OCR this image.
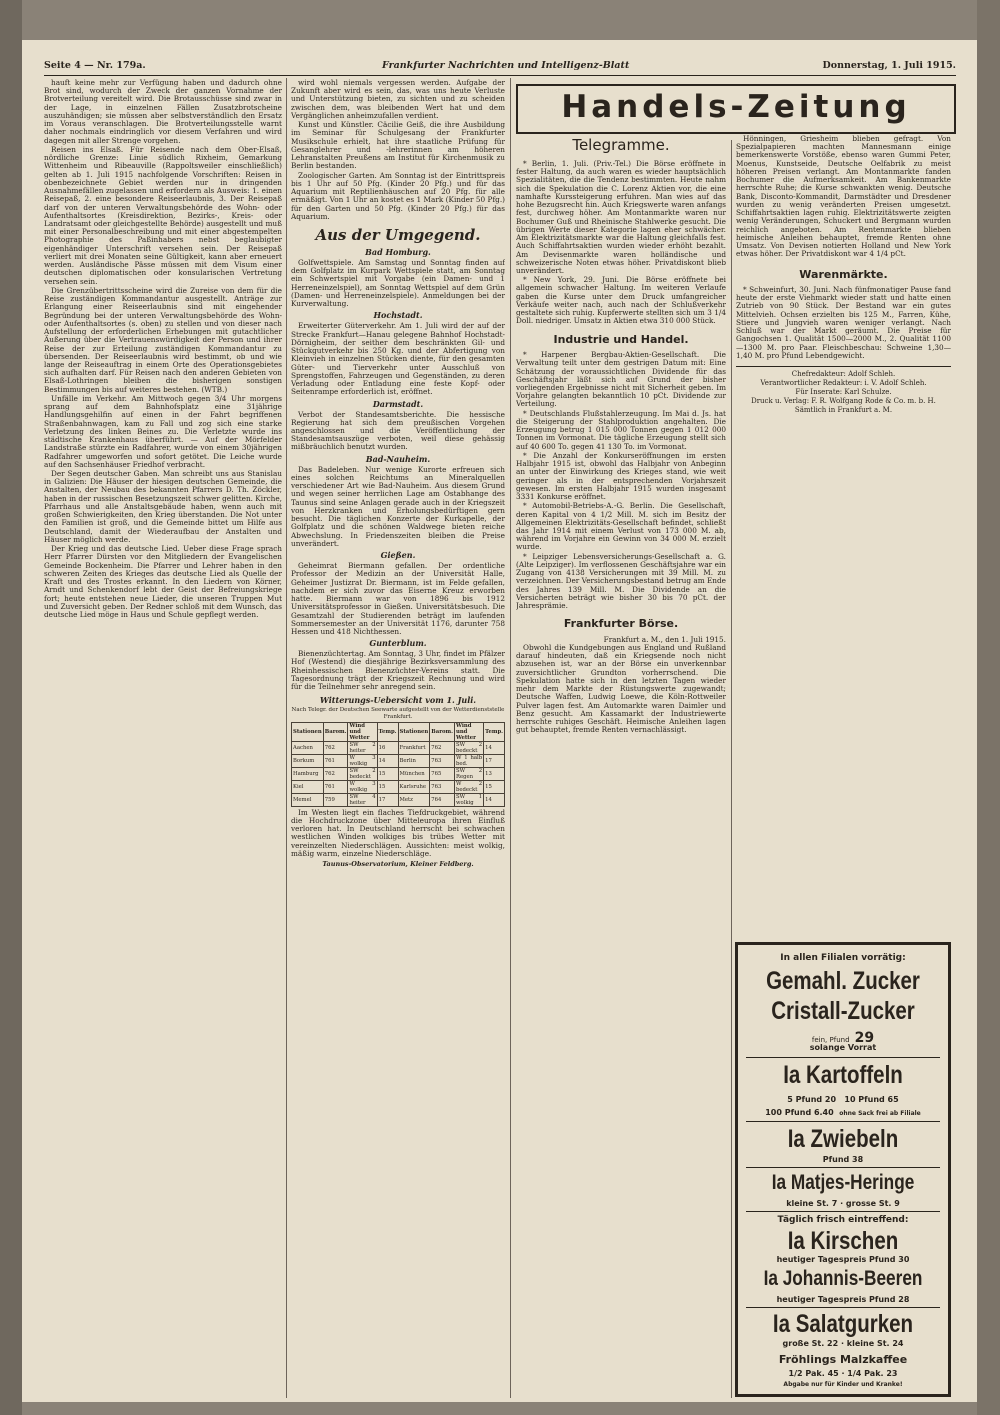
Seite 4 — Nr. 179a.	Frankfurter Nachrichten und Intelligenz-Blatt	Donnerstag, 1. Juli 1915.

hauft keine mehr zur Verfügung haben und dadurch ohne Brot sind, wodurch der Zweck der ganzen Vornahme der Brotverteilung vereitelt wird. Die Brotausschüsse sind zwar in der Lage, in einzelnen Fällen Zusatzbrotscheine auszuhändigen; sie müssen aber selbstverständlich den Ersatz im Voraus veranschlagen. Die Brotverteilungsstelle warnt daher nochmals eindringlich vor diesem Verfahren und wird dagegen mit aller Strenge vorgehen.

Reisen ins Elsaß. Für Reisende nach dem Ober-Elsaß, nördliche Grenze: Linie südlich Rixheim, Gemarkung Wittenheim und Ribeauville (Rappoltsweiler einschließlich) gelten ab 1. Juli 1915 nachfolgende Vorschriften: Reisen in obenbezeichnete Gebiet werden nur in dringenden Ausnahmefällen zugelassen und erfordern als Ausweis: 1. einen Reisepaß, 2. eine besondere Reiseerlaubnis, 3. Der Reisepaß darf von der unteren Verwaltungsbehörde des Wohn- oder Aufenthaltsortes (Kreisdirektion, Bezirks-, Kreis- oder Landratsamt oder gleichgestellte Behörde) ausgestellt und muß mit einer Personalbeschreibung und mit einer abgestempelten Photographie des Paßinhabers nebst beglaubigter eigenhändiger Unterschrift versehen sein. Der Reisepaß verliert mit drei Monaten seine Gültigkeit, kann aber erneuert werden. Ausländische Pässe müssen mit dem Visum einer deutschen diplomatischen oder konsularischen Vertretung versehen sein.

Die Grenzübertrittsscheine wird die Zureise von dem für die Reise zuständigen Kommandantur ausgestellt. Anträge zur Erlangung einer Reiseerlaubnis sind mit eingehender Begründung bei der unteren Verwaltungsbehörde des Wohn- oder Aufenthaltsortes (s. oben) zu stellen und von dieser nach Aufstellung der erforderlichen Erhebungen mit gutachtlicher Äußerung über die Vertrauenswürdigkeit der Person und ihrer Reise der zur Erteilung zuständigen Kommandantur zu übersenden. Der Reiseerlaubnis wird bestimmt, ob und wie lange der Reiseauftrag in einem Orte des Operationsgebietes sich aufhalten darf. Für Reisen nach den anderen Gebieten von Elsaß-Lothringen bleiben die bisherigen sonstigen Bestimmungen bis auf weiteres bestehen. (WTB.)

Unfälle im Verkehr. Am Mittwoch gegen 3/4 Uhr morgens sprang auf dem Bahnhofsplatz eine 31jährige Handlungsgehilfin auf einen in der Fahrt begriffenen Straßenbahnwagen, kam zu Fall und zog sich eine starke Verletzung des linken Beines zu. Die Verletzte wurde ins städtische Krankenhaus überführt. — Auf der Mörfelder Landstraße stürzte ein Radfahrer, wurde von einem 30jährigen Radfahrer umgeworfen und sofort getötet. Die Leiche wurde auf den Sachsenhäuser Friedhof verbracht.

Der Segen deutscher Gaben. Man schreibt uns aus Stanislau in Galizien: Die Häuser der hiesigen deutschen Gemeinde, die Anstalten, der Neubau des bekannten Pfarrers D. Th. Zöckler, haben in der russischen Besetzungszeit schwer gelitten. Kirche, Pfarrhaus und alle Anstaltsgebäude haben, wenn auch mit großen Schwierigkeiten, den Krieg überstanden. Die Not unter den Familien ist groß, und die Gemeinde bittet um Hilfe aus Deutschland, damit der Wiederaufbau der Anstalten und Häuser möglich werde.

Der Krieg und das deutsche Lied. Ueber diese Frage sprach Herr Pfarrer Dürsten vor den Mitgliedern der Evangelischen Gemeinde Bockenheim. Die Pfarrer und Lehrer haben in den schweren Zeiten des Krieges das deutsche Lied als Quelle der Kraft und des Trostes erkannt. In den Liedern von Körner, Arndt und Schenkendorf lebt der Geist der Befreiungskriege fort; heute entstehen neue Lieder, die unseren Truppen Mut und Zuversicht geben. Der Redner schloß mit dem Wunsch, das deutsche Lied möge in Haus und Schule gepflegt werden.

wird wohl niemals vergessen werden. Aufgabe der Zukunft aber wird es sein, das, was uns heute Verluste und Unterstützung bieten, zu sichten und zu scheiden zwischen dem, was bleibenden Wert hat und dem Vergänglichen anheimzufallen verdient.

Kunst und Künstler. Cäcilie Geiß, die ihre Ausbildung im Seminar für Schulgesang der Frankfurter Musikschule erhielt, hat ihre staatliche Prüfung für Gesanglehrer und -lehrerinnen am höheren Lehranstalten Preußens am Institut für Kirchenmusik zu Berlin bestanden.

Zoologischer Garten. Am Sonntag ist der Eintrittspreis bis 1 Uhr auf 50 Pfg. (Kinder 20 Pfg.) und für das Aquarium mit Reptilienhäuschen auf 20 Pfg. für alle ermäßigt. Von 1 Uhr an kostet es 1 Mark (Kinder 50 Pfg.) für den Garten und 50 Pfg. (Kinder 20 Pfg.) für das Aquarium.

Aus der Umgegend.
Bad Homburg.

Golfwettspiele. Am Samstag und Sonntag finden auf dem Golfplatz im Kurpark Wettspiele statt, am Sonntag ein Schwertspiel mit Vorgabe (ein Damen- und 1 Herreneinzelspiel), am Sonntag Wettspiel auf dem Grün (Damen- und Herreneinzelspiele). Anmeldungen bei der Kurverwaltung.

Hochstadt.

Erweiterter Güterverkehr. Am 1. Juli wird der auf der Strecke Frankfurt—Hanau gelegene Bahnhof Hochstadt-Dörnigheim, der seither dem beschränkten Gil- und Stückgutverkehr bis 250 Kg. und der Abfertigung von Kleinvieh in einzelnen Stücken diente, für den gesamten Güter- und Tierverkehr unter Ausschluß von Sprengstoffen, Fahrzeugen und Gegenständen, zu deren Verladung oder Entladung eine feste Kopf- oder Seitenrampe erforderlich ist, eröffnet.

Darmstadt.

Verbot der Standesamtsberichte. Die hessische Regierung hat sich dem preußischen Vorgehen angeschlossen und die Veröffentlichung der Standesamtsauszüge verboten, weil diese gehässig mißbräuchlich benutzt wurden.

Bad-Nauheim.

Das Badeleben. Nur wenige Kurorte erfreuen sich eines solchen Reichtums an Mineralquellen verschiedener Art wie Bad-Nauheim. Aus diesem Grund und wegen seiner herrlichen Lage am Ostabhange des Taunus sind seine Anlagen gerade auch in der Kriegszeit von Herzkranken und Erholungsbedürftigen gern besucht. Die täglichen Konzerte der Kurkapelle, der Golfplatz und die schönen Waldwege bieten reiche Abwechslung. In Friedenszeiten bleiben die Preise unverändert.

Gießen.

Geheimrat Biermann gefallen. Der ordentliche Professor der Medizin an der Universität Halle, Geheimer Justizrat Dr. Biermann, ist im Felde gefallen, nachdem er sich zuvor das Eiserne Kreuz erworben hatte. Biermann war von 1896 bis 1912 Universitätsprofessor in Gießen. Universitätsbesuch. Die Gesamtzahl der Studierenden beträgt im laufenden Sommersemester an der Universität 1176, darunter 758 Hessen und 418 Nichthessen.

Gunterblum.

Bienenzüchtertag. Am Sonntag, 3 Uhr, findet im Pfälzer Hof (Westend) die diesjährige Bezirksversammlung des Rheinhessischen Bienenzüchter-Vereins statt. Die Tagesordnung trägt der Kriegszeit Rechnung und wird für die Teilnehmer sehr anregend sein.

Witterungs-Uebersicht vom 1. Juli.
Nach Telegr. der Deutschen Seewarte aufgestellt von der Wetterdienststelle Frankfurt.
Stationen	Barom.	Wind und Wetter	Temp.	Stationen	Barom.	Wind und Wetter	Temp.
Aachen	762	SW 2 heiter	16	Frankfurt	762	SW 2 bedeckt	14
Borkum	761	W 3 wolkig	14	Berlin	763	W 1 halb bed.	17
Hamburg	762	SW 2 bedeckt	15	München	765	SW 2 Regen	13
Kiel	761	W 3 wolkig	15	Karlsruhe	763	W 2 bedeckt	15
Memel	759	SW 4 heiter	17	Metz	764	SW 1 wolkig	14

Im Westen liegt ein flaches Tiefdruckgebiet, während die Hochdruckzone über Mitteleuropa ihren Einfluß verloren hat. In Deutschland herrscht bei schwachen westlichen Winden wolkiges bis trübes Wetter mit vereinzelten Niederschlägen. Aussichten: meist wolkig, mäßig warm, einzelne Niederschläge.

Taunus-Observatorium, Kleiner Feldberg.
Handels-Zeitung
Telegramme.

* Berlin, 1. Juli. (Priv.-Tel.) Die Börse eröffnete in fester Haltung, da auch waren es wieder hauptsächlich Spezialitäten, die die Tendenz bestimmten. Heute nahm sich die Spekulation die C. Lorenz Aktien vor, die eine namhafte Kurssteigerung erfuhren. Man wies auf das hohe Bezugsrecht hin. Auch Kriegswerte waren anfangs fest, durchweg höher. Am Montanmarkte waren nur Bochumer Guß und Rheinische Stahlwerke gesucht. Die übrigen Werte dieser Kategorie lagen eher schwächer. Am Elektrizitätsmarkte war die Haltung gleichfalls fest. Auch Schiffahrtsaktien wurden wieder erhöht bezahlt. Am Devisenmarkte waren holländische und schweizerische Noten etwas höher. Privatdiskont blieb unverändert.

* New York, 29. Juni. Die Börse eröffnete bei allgemein schwacher Haltung. Im weiteren Verlaufe gaben die Kurse unter dem Druck umfangreicher Verkäufe weiter nach, auch nach der Schlußverkehr gestaltete sich ruhig. Kupferwerte stellten sich um 3 1/4 Doll. niedriger. Umsatz in Aktien etwa 310 000 Stück.

Industrie und Handel.

* Harpener Bergbau-Aktien-Gesellschaft. Die Verwaltung teilt unter dem gestrigen Datum mit: Eine Schätzung der voraussichtlichen Dividende für das Geschäftsjahr läßt sich auf Grund der bisher vorliegenden Ergebnisse nicht mit Sicherheit geben. Im Vorjahre gelangten bekanntlich 10 pCt. Dividende zur Verteilung.

* Deutschlands Flußstahlerzeugung. Im Mai d. Js. hat die Steigerung der Stahlproduktion angehalten. Die Erzeugung betrug 1 015 000 Tonnen gegen 1 012 000 Tonnen im Vormonat. Die tägliche Erzeugung stellt sich auf 40 600 To. gegen 41 130 To. im Vormonat.

* Die Anzahl der Konkurseröffnungen im ersten Halbjahr 1915 ist, obwohl das Halbjahr von Anbeginn an unter der Einwirkung des Krieges stand, wie weit geringer als in der entsprechenden Vorjahrszeit gewesen. Im ersten Halbjahr 1915 wurden insgesamt 3331 Konkurse eröffnet.

* Automobil-Betriebs-A.-G. Berlin. Die Gesellschaft, deren Kapital von 4 1/2 Mill. M. sich im Besitz der Allgemeinen Elektrizitäts-Gesellschaft befindet, schließt das Jahr 1914 mit einem Verlust von 173 000 M. ab, während im Vorjahre ein Gewinn von 34 000 M. erzielt wurde.

* Leipziger Lebensversicherungs-Gesellschaft a. G. (Alte Leipziger). Im verflossenen Geschäftsjahre war ein Zugang von 4138 Versicherungen mit 39 Mill. M. zu verzeichnen. Der Versicherungsbestand betrug am Ende des Jahres 139 Mill. M. Die Dividende an die Versicherten beträgt wie bisher 30 bis 70 pCt. der Jahresprämie.

Frankfurter Börse.
Frankfurt a. M., den 1. Juli 1915.

Obwohl die Kundgebungen aus England und Rußland darauf hindeuten, daß ein Kriegsende noch nicht abzusehen ist, war an der Börse ein unverkennbar zuversichtlicher Grundton vorherrschend. Die Spekulation hatte sich in den letzten Tagen wieder mehr dem Markte der Rüstungswerte zugewandt; Deutsche Waffen, Ludwig Loewe, die Köln-Rottweiler Pulver lagen fest. Am Automarkte waren Daimler und Benz gesucht. Am Kassamarkt der Industriewerte herrschte ruhiges Geschäft. Heimische Anleihen lagen gut behauptet, fremde Renten vernachlässigt.

Hönningen, Griesheim blieben gefragt. Von Spezialpapieren machten Mannesmann einige bemerkenswerte Vorstöße, ebenso waren Gummi Peter, Moenus, Kunstseide, Deutsche Oelfabrik zu meist höheren Preisen verlangt. Am Montanmarkte fanden Bochumer die Aufmerksamkeit. Am Bankenmarkte herrschte Ruhe; die Kurse schwankten wenig. Deutsche Bank, Disconto-Kommandit, Darmstädter und Dresdener wurden zu wenig veränderten Preisen umgesetzt. Schiffahrtsaktien lagen ruhig. Elektrizitätswerte zeigten wenig Veränderungen, Schuckert und Bergmann wurden reichlich angeboten. Am Rentenmarkte blieben heimische Anleihen behauptet, fremde Renten ohne Umsatz. Von Devisen notierten Holland und New York etwas höher. Der Privatdiskont war 4 1/4 pCt.

Warenmärkte.

* Schweinfurt, 30. Juni. Nach fünfmonatiger Pause fand heute der erste Viehmarkt wieder statt und hatte einen Zutrieb von 90 Stück. Der Bestand war ein gutes Mittelvieh. Ochsen erzielten bis 125 M., Farren, Kühe, Stiere und Jungvieh waren weniger verlangt. Nach Schluß war der Markt geräumt. Die Preise für Gangochsen 1. Qualität 1500—2000 M., 2. Qualität 1100—1300 M. pro Paar. Fleischbeschau: Schweine 1,30—1,40 M. pro Pfund Lebendgewicht.

Chefredakteur: Adolf Schleh.
Verantwortlicher Redakteur: i. V. Adolf Schleh.
Für Inserate: Karl Schulze.
Druck u. Verlag: F. R. Wolfgang Rode & Co. m. b. H.
Sämtlich in Frankfurt a. M.
In allen Filialen vorrätig:
Gemahl. Zucker
Cristall-Zucker
fein, Pfund 29
solange Vorrat
Ia Kartoffeln
5 Pfund 20 10 Pfund 65
100 Pfund 6.40 ohne Sack frei ab Filiale
Ia Zwiebeln
Pfund 38
Ia Matjes-Heringe
kleine St. 7 · grosse St. 9
Täglich frisch eintreffend:
Ia Kirschen
heutiger Tagespreis Pfund 30
Ia Johannis-Beeren
heutiger Tagespreis Pfund 28
Ia Salatgurken
große St. 22 · kleine St. 24
Fröhlings Malzkaffee
1/2 Pak. 45 · 1/4 Pak. 23
Abgabe nur für Kinder und Kranke!
